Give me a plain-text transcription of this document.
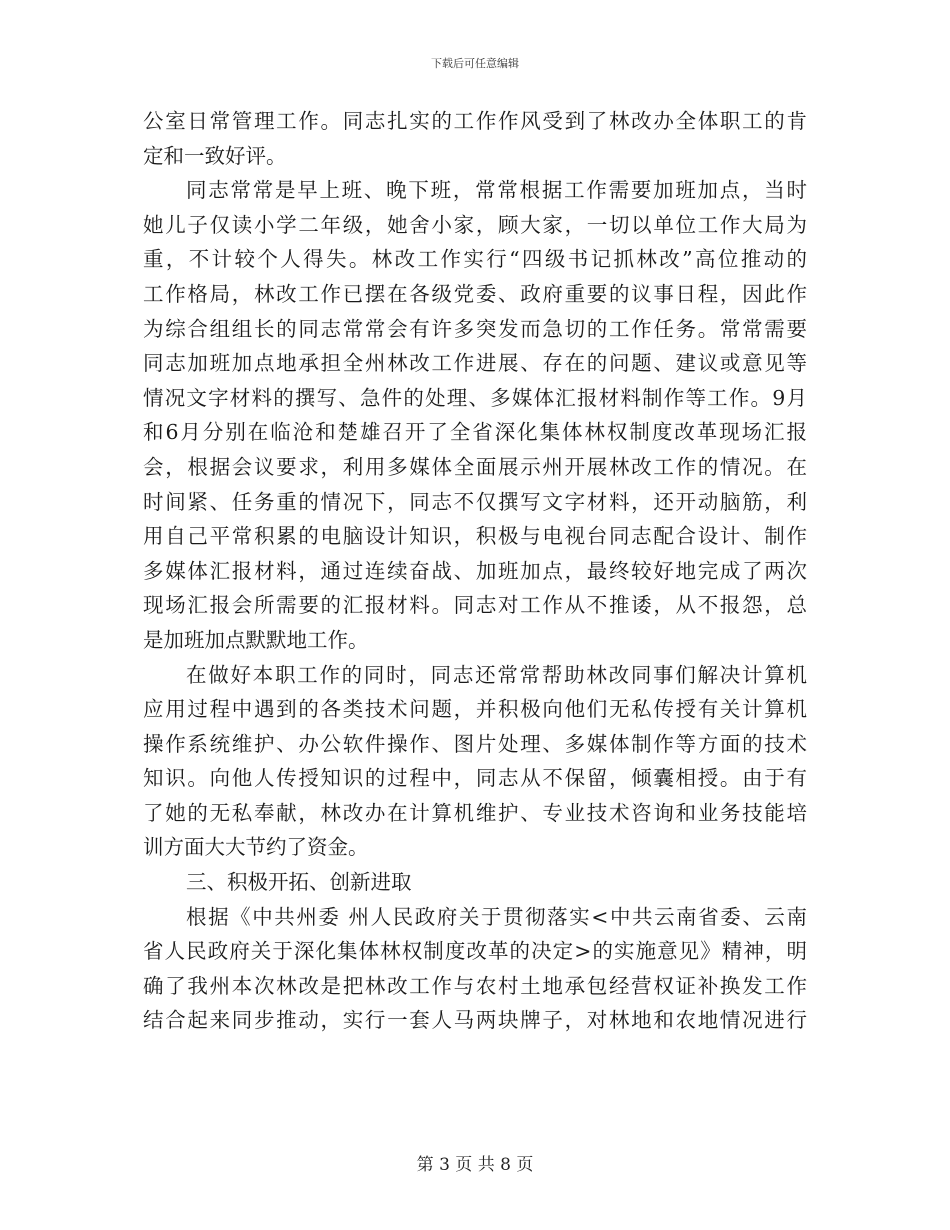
下载后可任意编辑
公室日常管理工作。同志扎实的工作作风受到了林改办全体职工的肯
定和一致好评。
同志常常是早上班、晚下班，常常根据工作需要加班加点，当时
她儿子仅读小学二年级，她舍小家，顾大家，一切以单位工作大局为
重，不计较个人得失。林改工作实行“四级书记抓林改”高位推动的
工作格局，林改工作已摆在各级党委、政府重要的议事日程，因此作
为综合组组长的同志常常会有许多突发而急切的工作任务。常常需要
同志加班加点地承担全州林改工作进展、存在的问题、建议或意见等
情况文字材料的撰写、急件的处理、多媒体汇报材料制作等工作。9月
和6月分别在临沧和楚雄召开了全省深化集体林权制度改革现场汇报
会，根据会议要求，利用多媒体全面展示州开展林改工作的情况。在
时间紧、任务重的情况下，同志不仅撰写文字材料，还开动脑筋，利
用自己平常积累的电脑设计知识，积极与电视台同志配合设计、制作
多媒体汇报材料，通过连续奋战、加班加点，最终较好地完成了两次
现场汇报会所需要的汇报材料。同志对工作从不推诿，从不报怨，总
是加班加点默默地工作。
在做好本职工作的同时，同志还常常帮助林改同事们解决计算机
应用过程中遇到的各类技术问题，并积极向他们无私传授有关计算机
操作系统维护、办公软件操作、图片处理、多媒体制作等方面的技术
知识。向他人传授知识的过程中，同志从不保留，倾囊相授。由于有
了她的无私奉献，林改办在计算机维护、专业技术咨询和业务技能培
训方面大大节约了资金。
三、积极开拓、创新进取
根据《中共州委 州人民政府关于贯彻落实<中共云南省委、云南
省人民政府关于深化集体林权制度改革的决定>的实施意见》精神，明
确了我州本次林改是把林改工作与农村土地承包经营权证补换发工作
结合起来同步推动，实行一套人马两块牌子，对林地和农地情况进行
第 3 页 共 8 页
